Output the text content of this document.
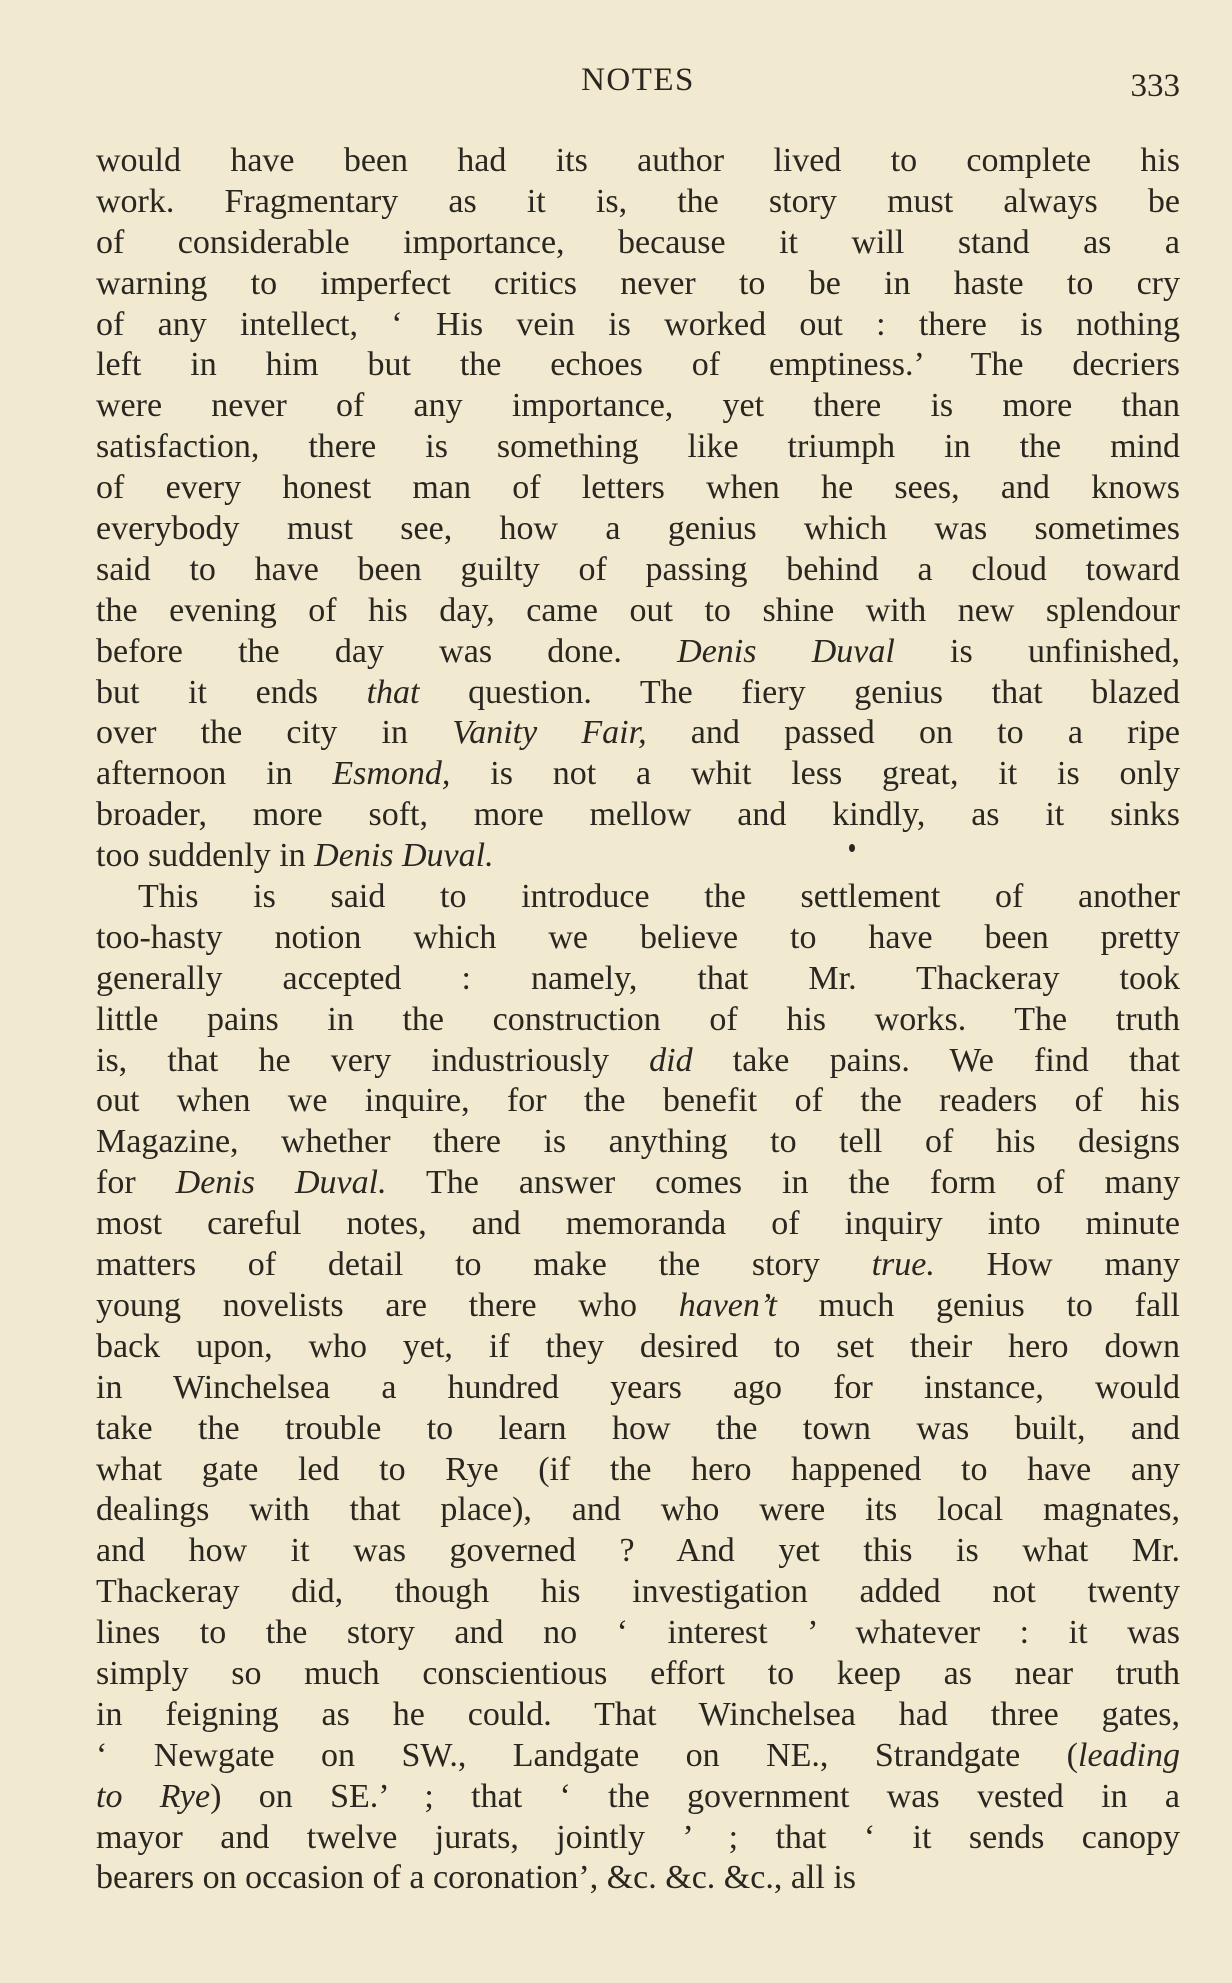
NOTES	333
would have been had its author lived to complete his
work. Fragmentary as it is, the story must always be
of considerable importance, because it will stand as a
warning to imperfect critics never to be in haste to cry
of any intellect, ‘ His vein is worked out : there is nothing
left in him but the echoes of emptiness.’ The decriers
were never of any importance, yet there is more than
satisfaction, there is something like triumph in the mind
of every honest man of letters when he sees, and knows
everybody must see, how a genius which was sometimes
said to have been guilty of passing behind a cloud toward
the evening of his day, came out to shine with new splendour
before the day was done. Denis Duval is unfinished,
but it ends that question. The fiery genius that blazed
over the city in Vanity Fair, and passed on to a ripe
afternoon in Esmond, is not a whit less great, it is only
broader, more soft, more mellow and kindly, as it sinks
too suddenly in Denis Duval.
This is said to introduce the settlement of another
too-hasty notion which we believe to have been pretty
generally accepted : namely, that Mr. Thackeray took
little pains in the construction of his works. The truth
is, that he very industriously did take pains. We find that
out when we inquire, for the benefit of the readers of his
Magazine, whether there is anything to tell of his designs
for Denis Duval. The answer comes in the form of many
most careful notes, and memoranda of inquiry into minute
matters of detail to make the story true. How many
young novelists are there who haven’t much genius to fall
back upon, who yet, if they desired to set their hero down
in Winchelsea a hundred years ago for instance, would
take the trouble to learn how the town was built, and
what gate led to Rye (if the hero happened to have any
dealings with that place), and who were its local magnates,
and how it was governed ? And yet this is what Mr.
Thackeray did, though his investigation added not twenty
lines to the story and no ‘ interest ’ whatever : it was
simply so much conscientious effort to keep as near truth
in feigning as he could. That Winchelsea had three gates,
‘ Newgate on SW., Landgate on NE., Strandgate (leading
to Rye) on SE.’ ; that ‘ the government was vested in a
mayor and twelve jurats, jointly ’ ; that ‘ it sends canopy
bearers on occasion of a coronation’, &c. &c. &c., all is
